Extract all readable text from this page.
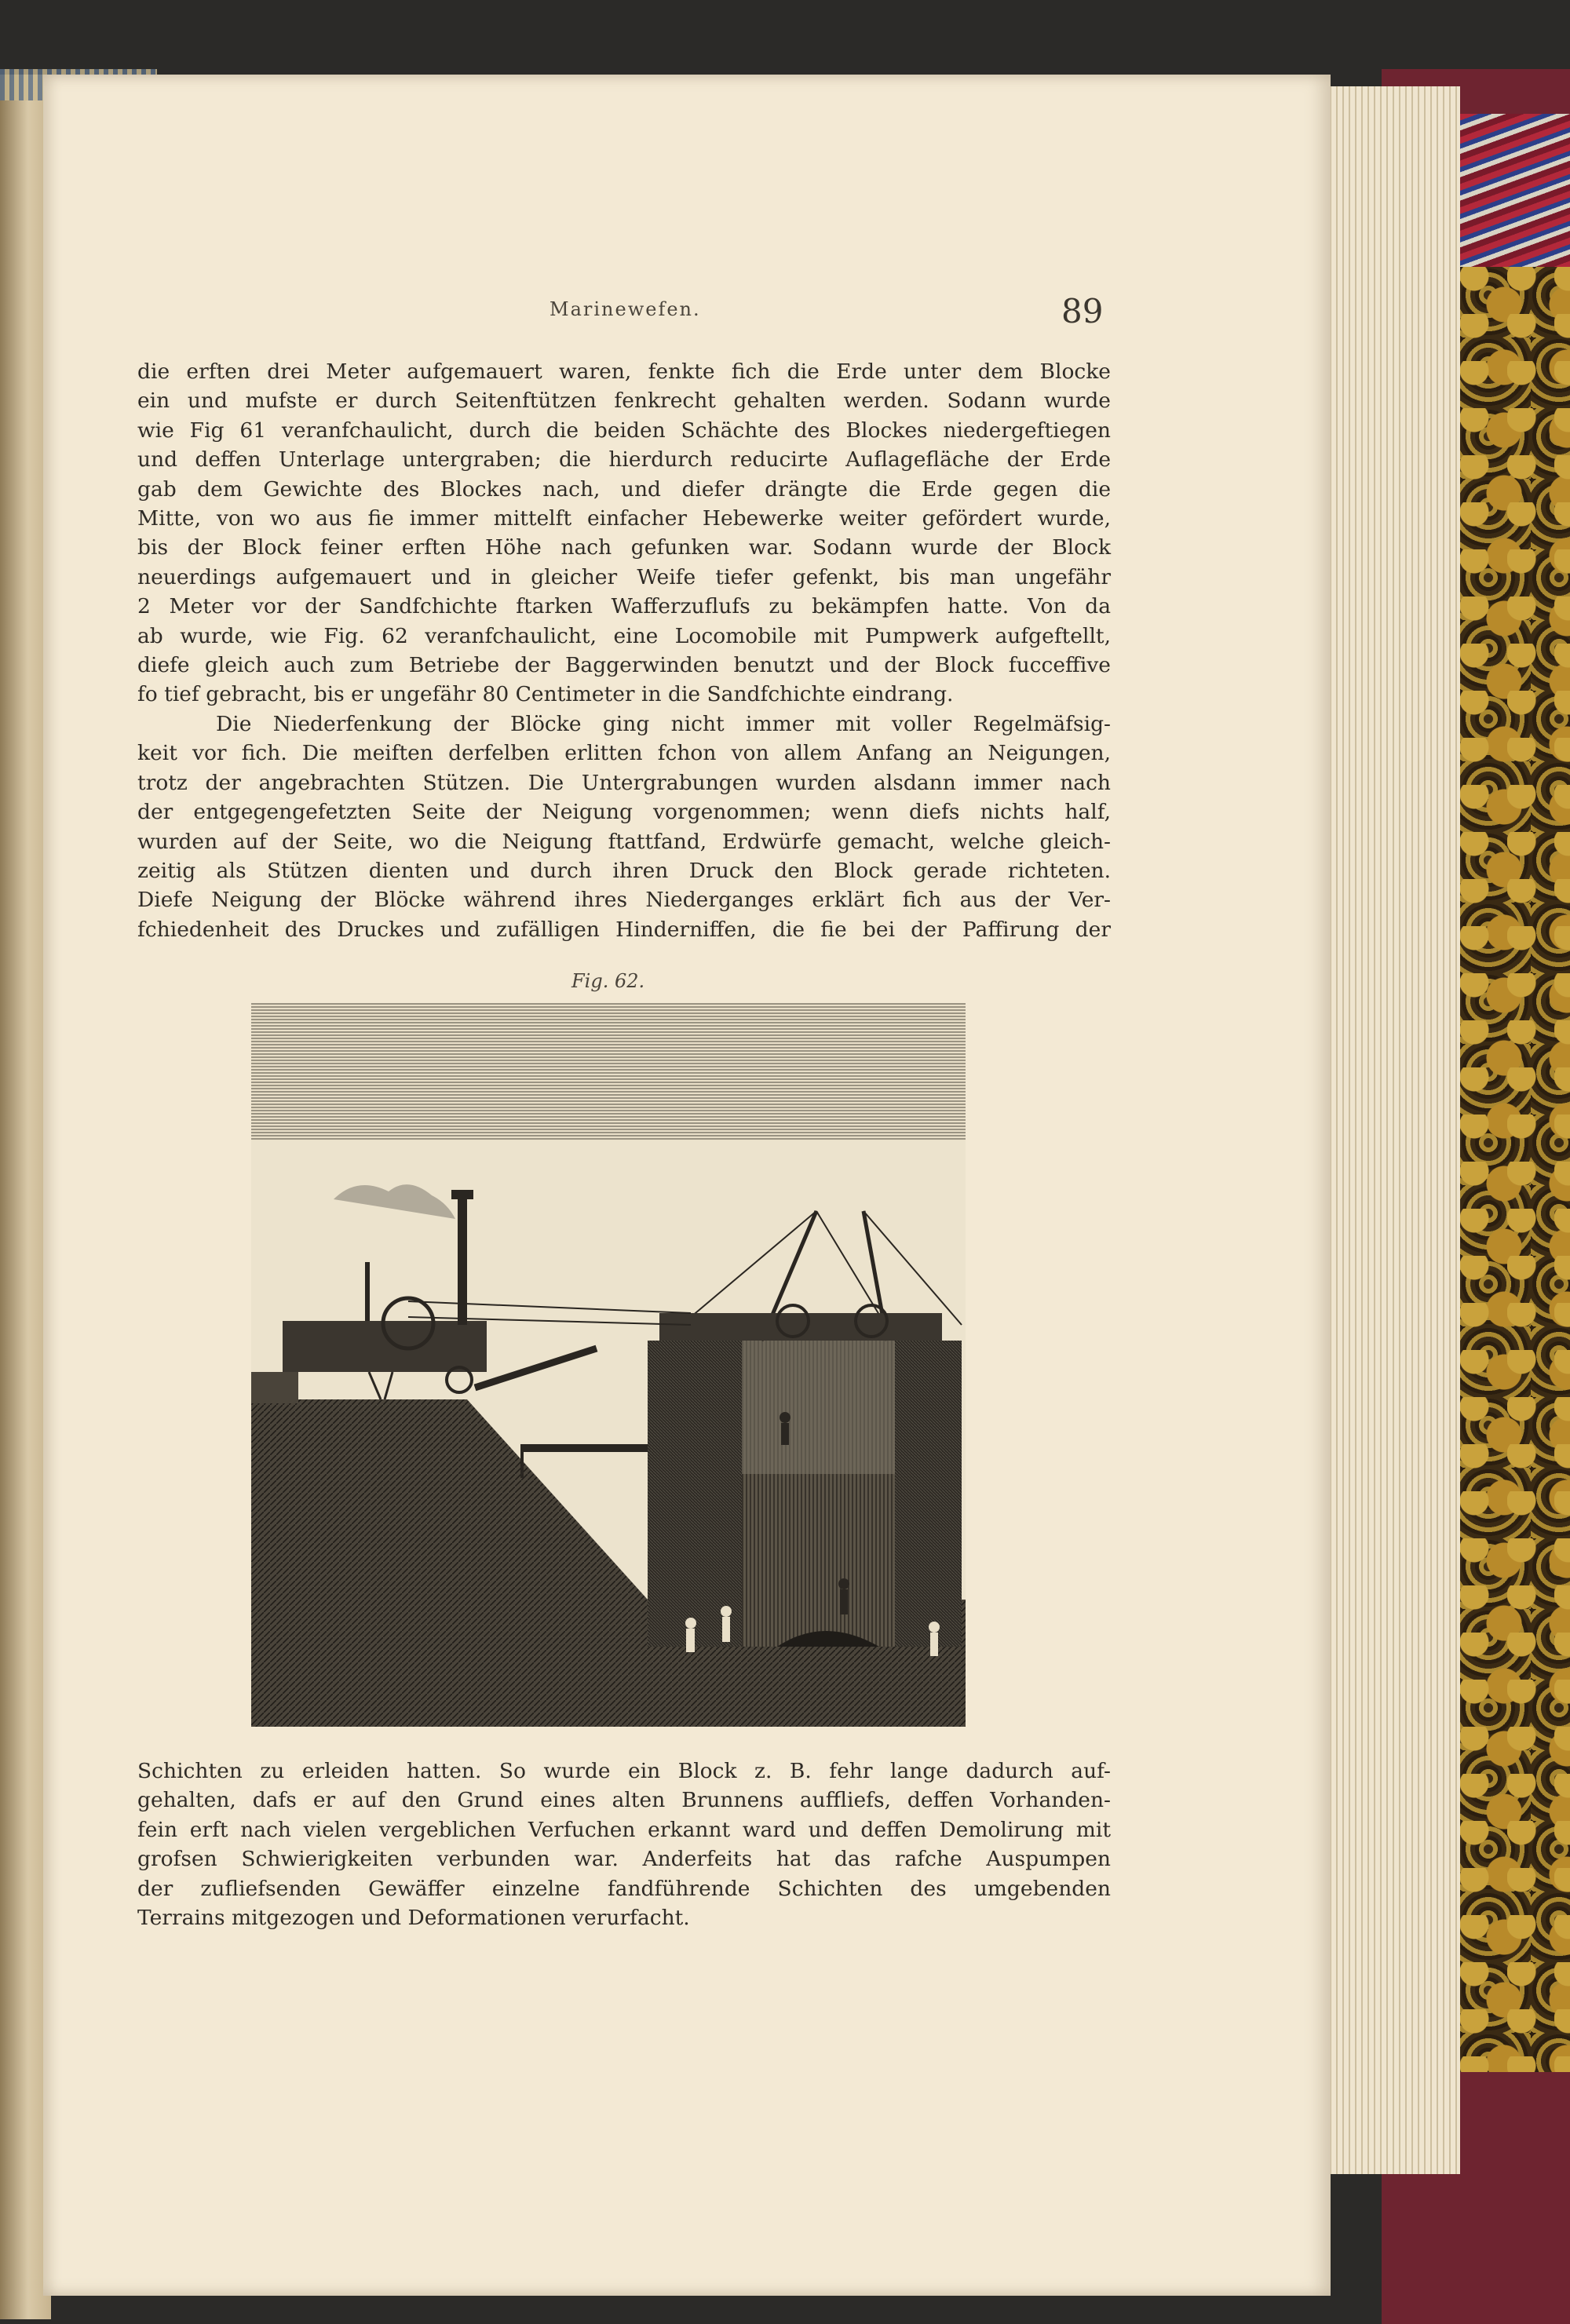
Marinewefen.	89
die erften drei Meter aufgemauert waren, fenkte fich die Erde unter dem Blocke
ein und mufste er durch Seitenftützen fenkrecht gehalten werden. Sodann wurde
wie Fig 61 veranfchaulicht, durch die beiden Schächte des Blockes niedergeftiegen
und deffen Unterlage untergraben; die hierdurch reducirte Auflagefläche der Erde
gab dem Gewichte des Blockes nach, und diefer drängte die Erde gegen die
Mitte, von wo aus fie immer mittelft einfacher Hebewerke weiter gefördert wurde,
bis der Block feiner erften Höhe nach gefunken war. Sodann wurde der Block
neuerdings aufgemauert und in gleicher Weife tiefer gefenkt, bis man ungefähr
2 Meter vor der Sandfchichte ftarken Wafferzuflufs zu bekämpfen hatte. Von da
ab wurde, wie Fig. 62 veranfchaulicht, eine Locomobile mit Pumpwerk aufgeftellt,
diefe gleich auch zum Betriebe der Baggerwinden benutzt und der Block fucceffive
fo tief gebracht, bis er ungefähr 80 Centimeter in die Sandfchichte eindrang.
Die Niederfenkung der Blöcke ging nicht immer mit voller Regelmäfsig-
keit vor fich. Die meiften derfelben erlitten fchon von allem Anfang an Neigungen,
trotz der angebrachten Stützen. Die Untergrabungen wurden alsdann immer nach
der entgegengefetzten Seite der Neigung vorgenommen; wenn diefs nichts half,
wurden auf der Seite, wo die Neigung ftattfand, Erdwürfe gemacht, welche gleich-
zeitig als Stützen dienten und durch ihren Druck den Block gerade richteten.
Diefe Neigung der Blöcke während ihres Niederganges erklärt fich aus der Ver-
fchiedenheit des Druckes und zufälligen Hinderniffen, die fie bei der Paffirung der
Fig. 62.
Schichten zu erleiden hatten. So wurde ein Block z. B. fehr lange dadurch auf-
gehalten, dafs er auf den Grund eines alten Brunnens auffliefs, deffen Vorhanden-
fein erft nach vielen vergeblichen Verfuchen erkannt ward und deffen Demolirung mit
grofsen Schwierigkeiten verbunden war. Anderfeits hat das rafche Auspumpen
der zufliefsenden Gewäffer einzelne fandführende Schichten des umgebenden
Terrains mitgezogen und Deformationen verurfacht.
